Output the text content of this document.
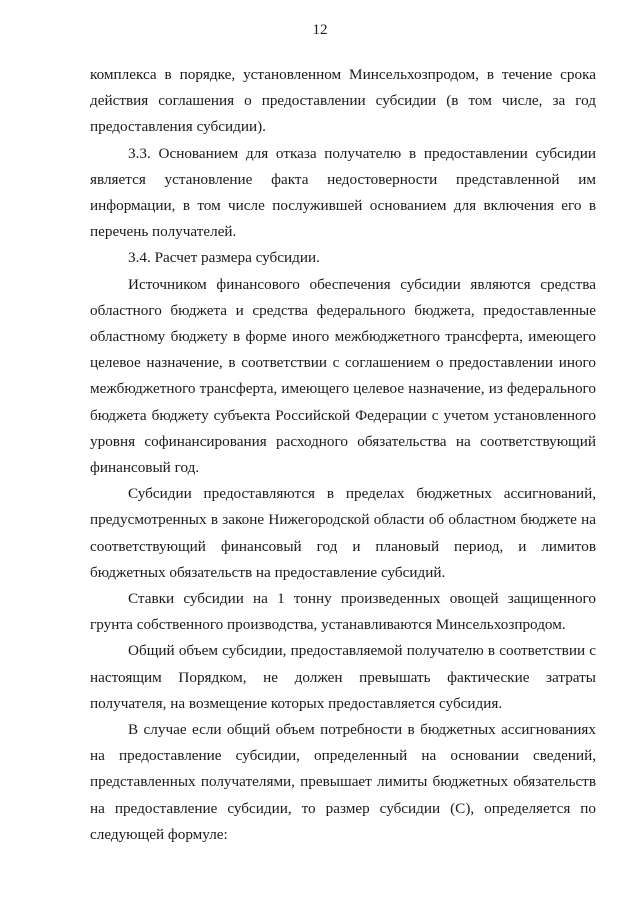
12

комплекса в порядке, установленном Минсельхозпродом, в течение срока действия соглашения о предоставлении субсидии (в том числе, за год предоставления субсидии).

3.3. Основанием для отказа получателю в предоставлении субсидии является установление факта недостоверности представленной им информации, в том числе послужившей основанием для включения его в перечень получателей.

3.4. Расчет размера субсидии.

Источником финансового обеспечения субсидии являются средства областного бюджета и средства федерального бюджета, предоставленные областному бюджету в форме иного межбюджетного трансферта, имеющего целевое назначение, в соответствии с соглашением о предоставлении иного межбюджетного трансферта, имеющего целевое назначение, из федерального бюджета бюджету субъекта Российской Федерации с учетом установленного уровня софинансирования расходного обязательства на соответствующий финансовый год.

Субсидии предоставляются в пределах бюджетных ассигнований, предусмотренных в законе Нижегородской области об областном бюджете на соответствующий финансовый год и плановый период, и лимитов бюджетных обязательств на предоставление субсидий.

Ставки субсидии на 1 тонну произведенных овощей защищенного грунта собственного производства, устанавливаются Минсельхозпродом.

Общий объем субсидии, предоставляемой получателю в соответствии с настоящим Порядком, не должен превышать фактические затраты получателя, на возмещение которых предоставляется субсидия.

В случае если общий объем потребности в бюджетных ассигнованиях на предоставление субсидии, определенный на основании сведений, представленных получателями, превышает лимиты бюджетных обязательств на предоставление субсидии, то размер субсидии (С), определяется по следующей формуле:
